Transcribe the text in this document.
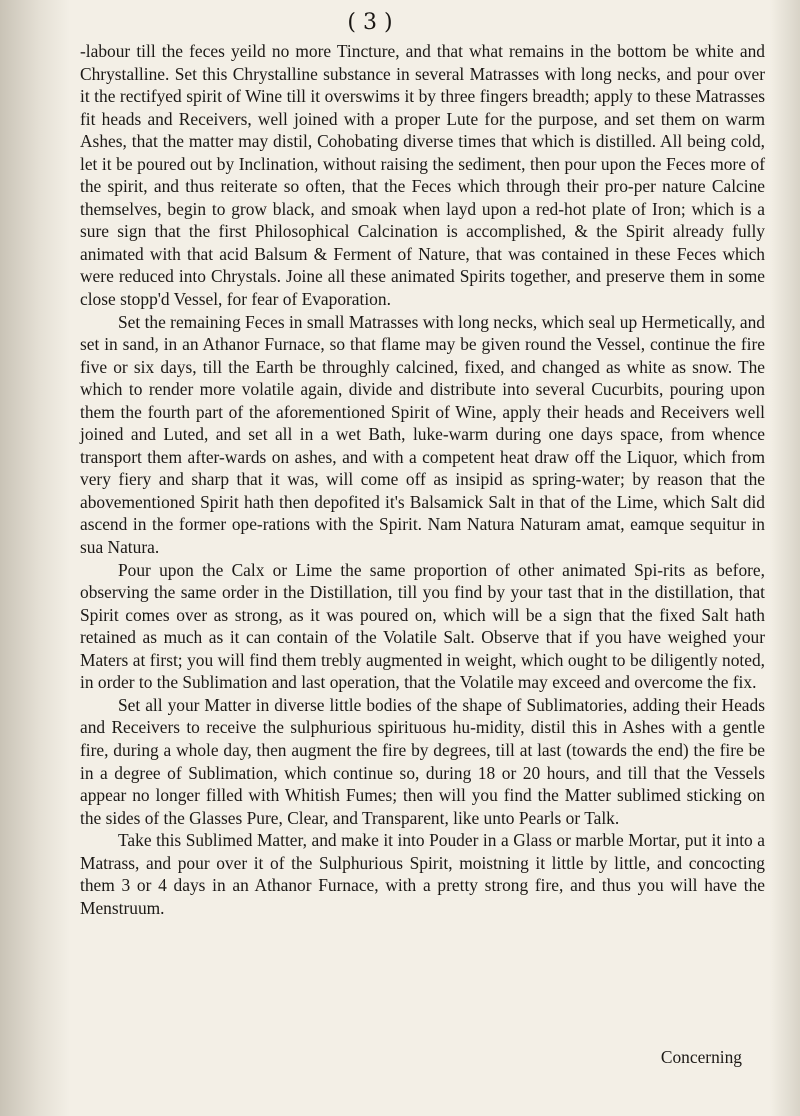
( 3 )

-labour till the feces yeild no more Tincture, and that what remains in the bottom be white and Chrystalline. Set this Chrystalline substance in several Matrasses with long necks, and pour over it the rectifyed spirit of Wine till it overswims it by three fingers breadth; apply to these Matrasses fit heads and Receivers, well joined with a proper Lute for the purpose, and set them on warm Ashes, that the matter may distil, Cohobating diverse times that which is distilled. All being cold, let it be poured out by Inclination, without raising the sediment, then pour upon the Feces more of the spirit, and thus reiterate so often, that the Feces which through their pro-per nature Calcine themselves, begin to grow black, and smoak when layd upon a red-hot plate of Iron; which is a sure sign that the first Philosophical Calcination is accomplished, & the Spirit already fully animated with that acid Balsum & Ferment of Nature, that was contained in these Feces which were reduced into Chrystals. Joine all these animated Spirits together, and preserve them in some close stopp'd Vessel, for fear of Evaporation.

Set the remaining Feces in small Matrasses with long necks, which seal up Hermetically, and set in sand, in an Athanor Furnace, so that flame may be given round the Vessel, continue the fire five or six days, till the Earth be throughly calcined, fixed, and changed as white as snow. The which to render more volatile again, divide and distribute into several Cucurbits, pouring upon them the fourth part of the aforementioned Spirit of Wine, apply their heads and Receivers well joined and Luted, and set all in a wet Bath, luke-warm during one days space, from whence transport them after-wards on ashes, and with a competent heat draw off the Liquor, which from very fiery and sharp that it was, will come off as insipid as spring-water; by reason that the abovementioned Spirit hath then depofited it's Balsamick Salt in that of the Lime, which Salt did ascend in the former ope-rations with the Spirit. Nam Natura Naturam amat, eamque sequitur in sua Natura.

Pour upon the Calx or Lime the same proportion of other animated Spi-rits as before, observing the same order in the Distillation, till you find by your tast that in the distillation, that Spirit comes over as strong, as it was poured on, which will be a sign that the fixed Salt hath retained as much as it can contain of the Volatile Salt. Observe that if you have weighed your Maters at first; you will find them trebly augmented in weight, which ought to be diligently noted, in order to the Sublimation and last operation, that the Volatile may exceed and overcome the fix.

Set all your Matter in diverse little bodies of the shape of Sublimatories, adding their Heads and Receivers to receive the sulphurious spirituous hu-midity, distil this in Ashes with a gentle fire, during a whole day, then augment the fire by degrees, till at last (towards the end) the fire be in a degree of Sublimation, which continue so, during 18 or 20 hours, and till that the Vessels appear no longer filled with Whitish Fumes; then will you find the Matter sublimed sticking on the sides of the Glasses Pure, Clear, and Transparent, like unto Pearls or Talk.

Take this Sublimed Matter, and make it into Pouder in a Glass or marble Mortar, put it into a Matrass, and pour over it of the Sulphurious Spirit, moistning it little by little, and concocting them 3 or 4 days in an Athanor Furnace, with a pretty strong fire, and thus you will have the Menstruum.

Concerning
